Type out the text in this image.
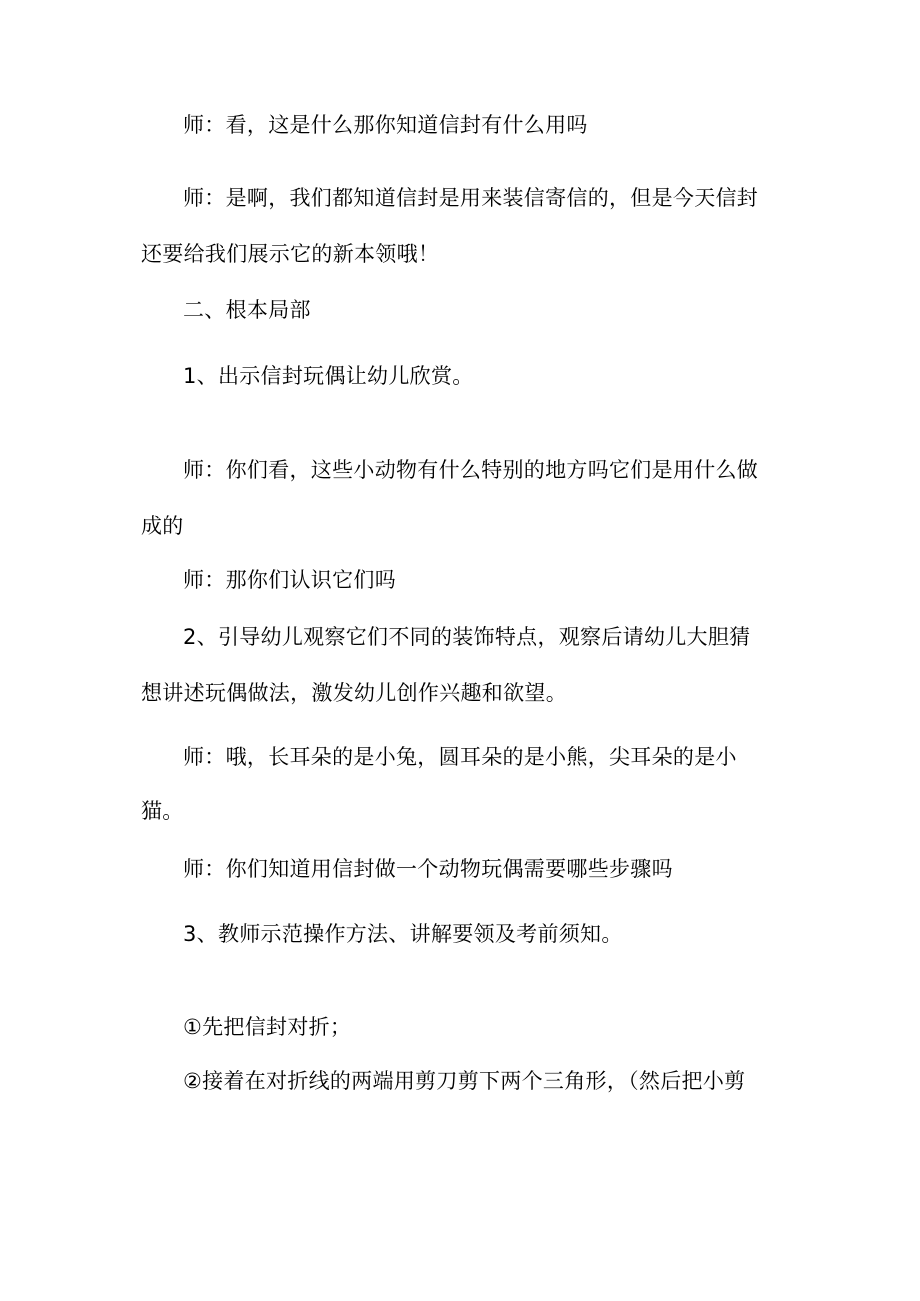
师：看，这是什么那你知道信封有什么用吗
师：是啊，我们都知道信封是用来装信寄信的，但是今天信封
还要给我们展示它的新本领哦！
二、根本局部
1、出示信封玩偶让幼儿欣赏。
师：你们看，这些小动物有什么特别的地方吗它们是用什么做
成的
师：那你们认识它们吗
2、引导幼儿观察它们不同的装饰特点，观察后请幼儿大胆猜
想讲述玩偶做法，激发幼儿创作兴趣和欲望。
师：哦，长耳朵的是小兔，圆耳朵的是小熊，尖耳朵的是小
猫。
师：你们知道用信封做一个动物玩偶需要哪些步骤吗
3、教师示范操作方法、讲解要领及考前须知。
①先把信封对折；
②接着在对折线的两端用剪刀剪下两个三角形，（然后把小剪
